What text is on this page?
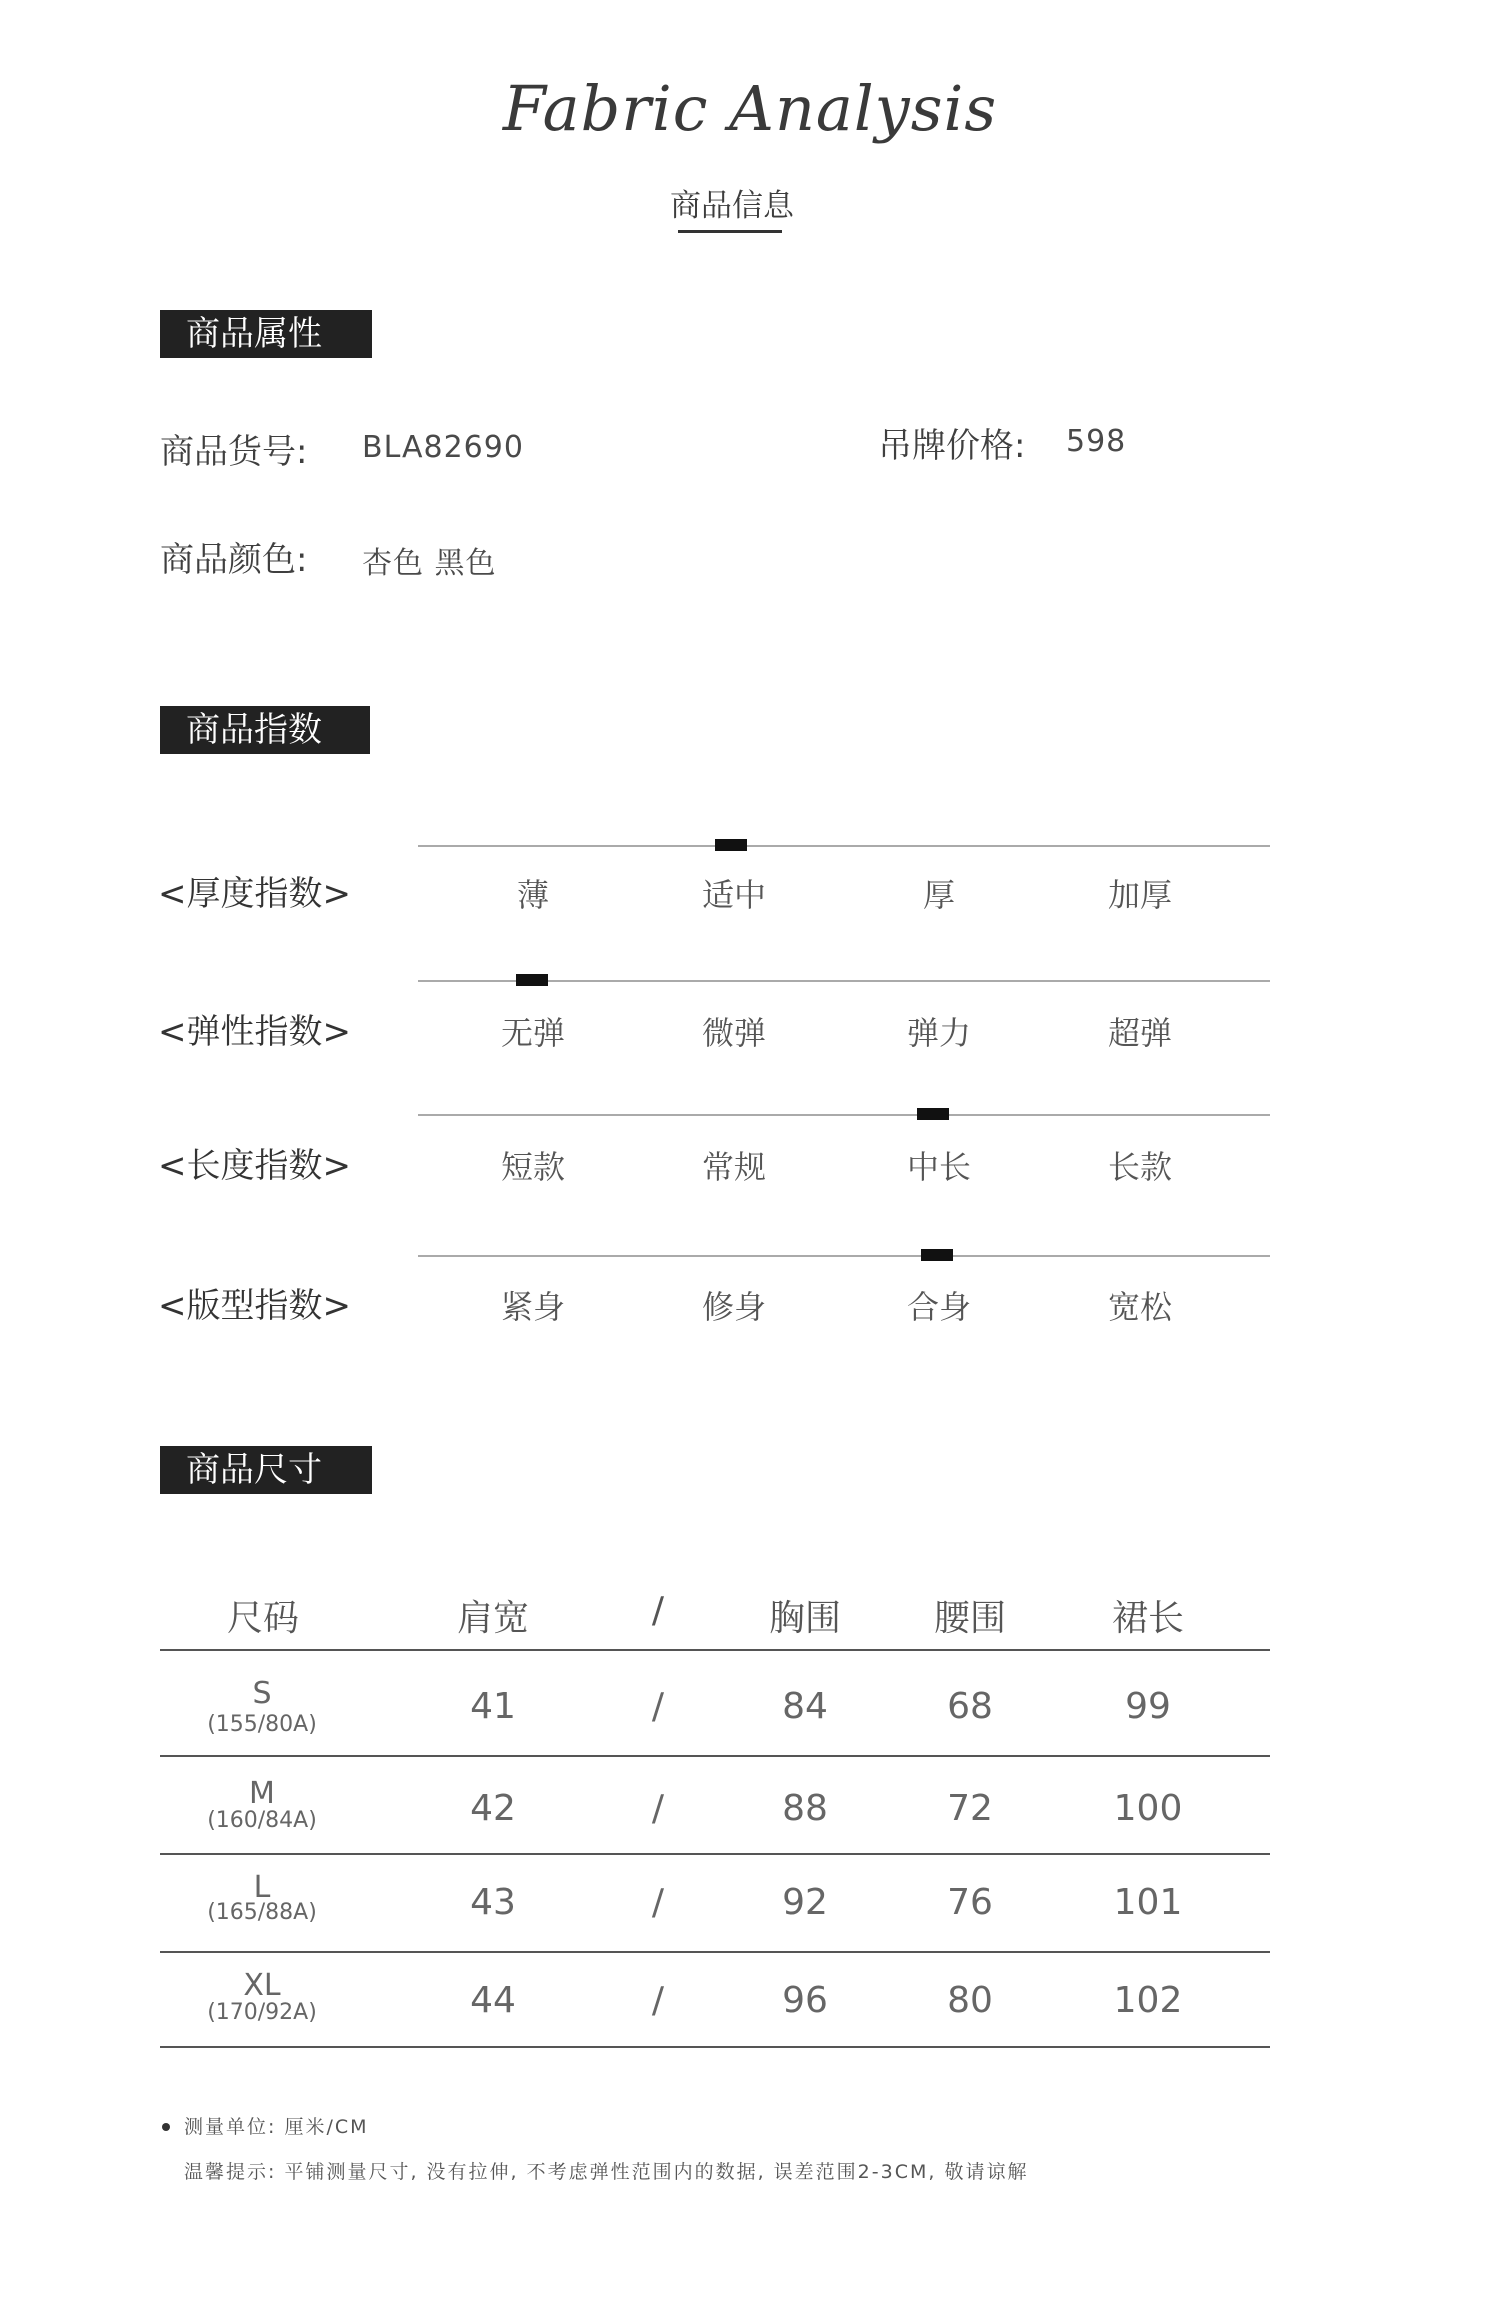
Fabric Analysis
商品信息
商品属性
商品货号: BLA82690	吊牌价格: 598
商品颜色: 杏色 黑色
商品指数
<厚度指数>	薄	适中	厚	加厚
<弹性指数>	无弹	微弹	弹力	超弹
<长度指数>	短款	常规	中长	长款
<版型指数>	紧身	修身	合身	宽松
商品尺寸
尺码	肩宽	/	胸围	腰围	裙长
S
(155/80A)	41	/	84	68	99
M
(160/84A)	42	/	88	72	100
L
(165/88A)	43	/	92	76	101
XL
(170/92A)	44	/	96	80	102
测量单位: 厘米/CM
温馨提示: 平铺测量尺寸, 没有拉伸, 不考虑弹性范围内的数据, 误差范围2-3CM, 敬请谅解
